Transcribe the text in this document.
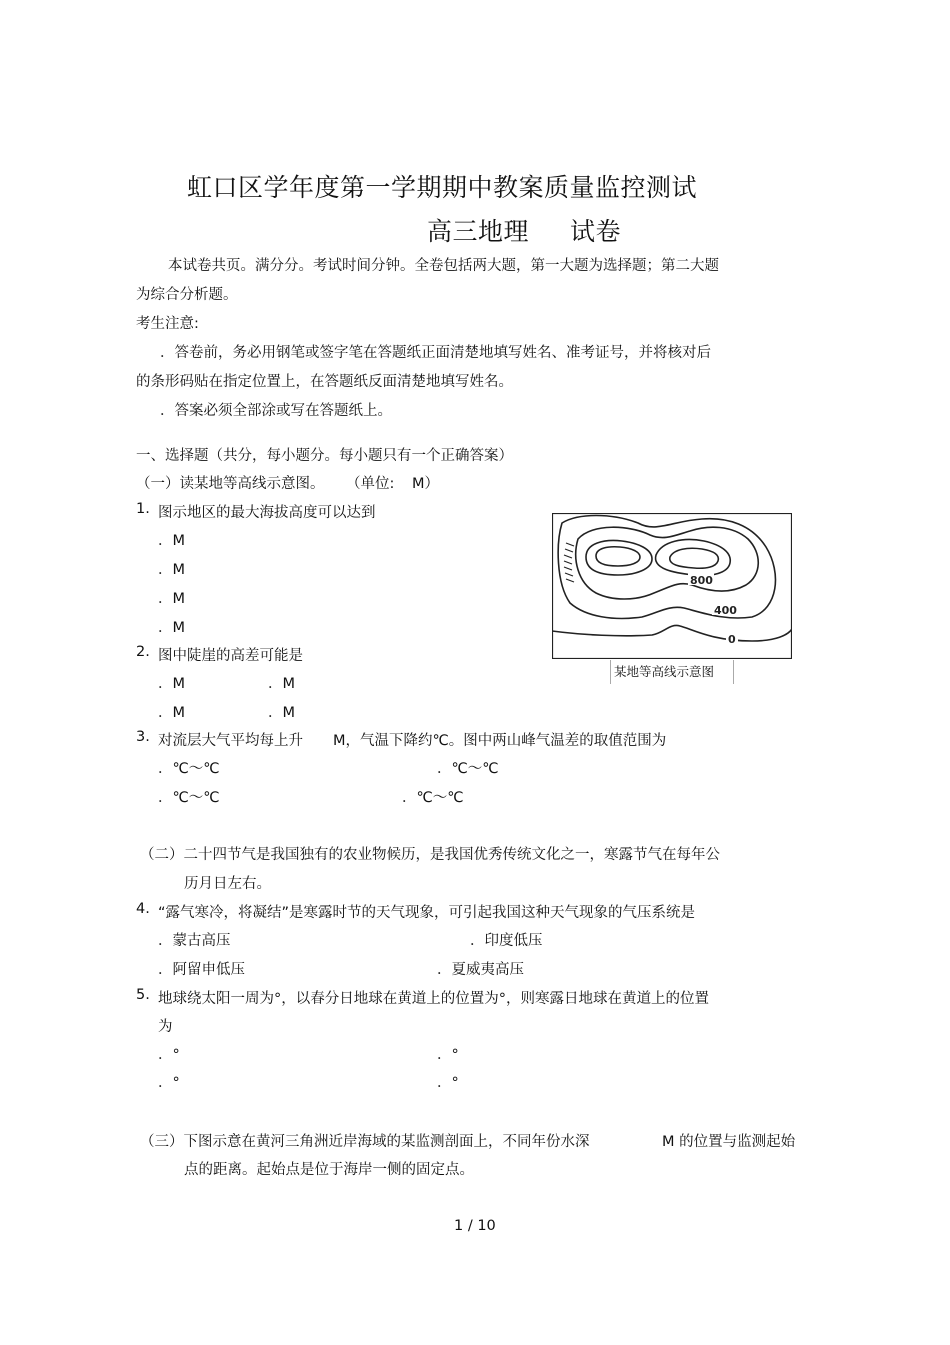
虹口区学年度第一学期期中教案质量监控测试
高三地理 试卷
本试卷共页。满分分。考试时间分钟。全卷包括两大题，第一大题为选择题；第二大题
为综合分析题。
考生注意:
．答卷前，务必用钢笔或签字笔在答题纸正面清楚地填写姓名、准考证号，并将核对后
的条形码贴在指定位置上，在答题纸反面清楚地填写姓名。
．答案必须全部涂或写在答题纸上。
一、选择题（共分，每小题分。每小题只有一个正确答案）
（一）读某地等高线示意图。 （单位: M）
1. 图示地区的最大海拔高度可以达到
．M
．M
．M
．M
2. 图中陡崖的高差可能是
．M	．M
．M	．M
800
400
0
某地等高线示意图
3. 对流层大气平均每上升 M，气温下降约℃。图中两山峰气温差的取值范围为
．℃～℃	．℃～℃
．℃～℃	．℃～℃
（二）二十四节气是我国独有的农业物候历，是我国优秀传统文化之一，寒露节气在每年公
历月日左右。
4. “露气寒冷，将凝结”是寒露时节的天气现象，可引起我国这种天气现象的气压系统是
．蒙古高压	．印度低压
．阿留申低压	．夏威夷高压
5. 地球绕太阳一周为°，以春分日地球在黄道上的位置为°，则寒露日地球在黄道上的位置
为
．°	．°
．°	．°
（三）下图示意在黄河三角洲近岸海域的某监测剖面上，不同年份水深	M 的位置与监测起始
点的距离。起始点是位于海岸一侧的固定点。
1 / 10
